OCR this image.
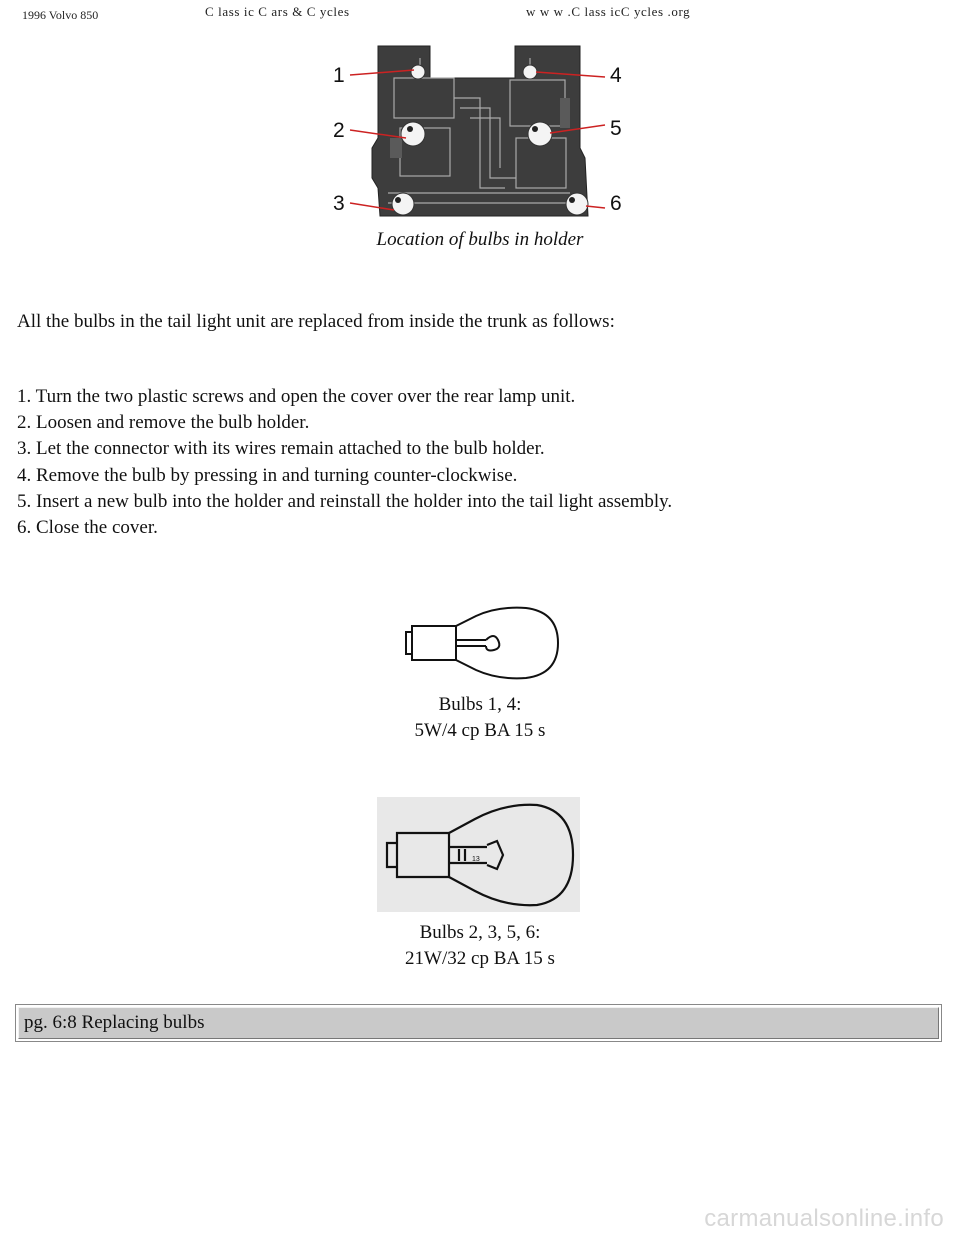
1996 Volvo 850	C lass ic C ars & C ycles	w w w .C lass icC ycles .org
1
2
3
4
5
6
Location of bulbs in holder
All the bulbs in the tail light unit are replaced from inside the trunk as follows:
1. Turn the two plastic screws and open the cover over the rear lamp unit.
2. Loosen and remove the bulb holder.
3. Let the connector with its wires remain attached to the bulb holder.
4. Remove the bulb by pressing in and turning counter-clockwise.
5. Insert a new bulb into the holder and reinstall the holder into the tail light assembly.
6. Close the cover.
Bulbs 1, 4:
5W/4 cp BA 15 s
13
Bulbs 2, 3, 5, 6:
21W/32 cp BA 15 s
pg. 6:8 Replacing bulbs
carmanualsonline.info
